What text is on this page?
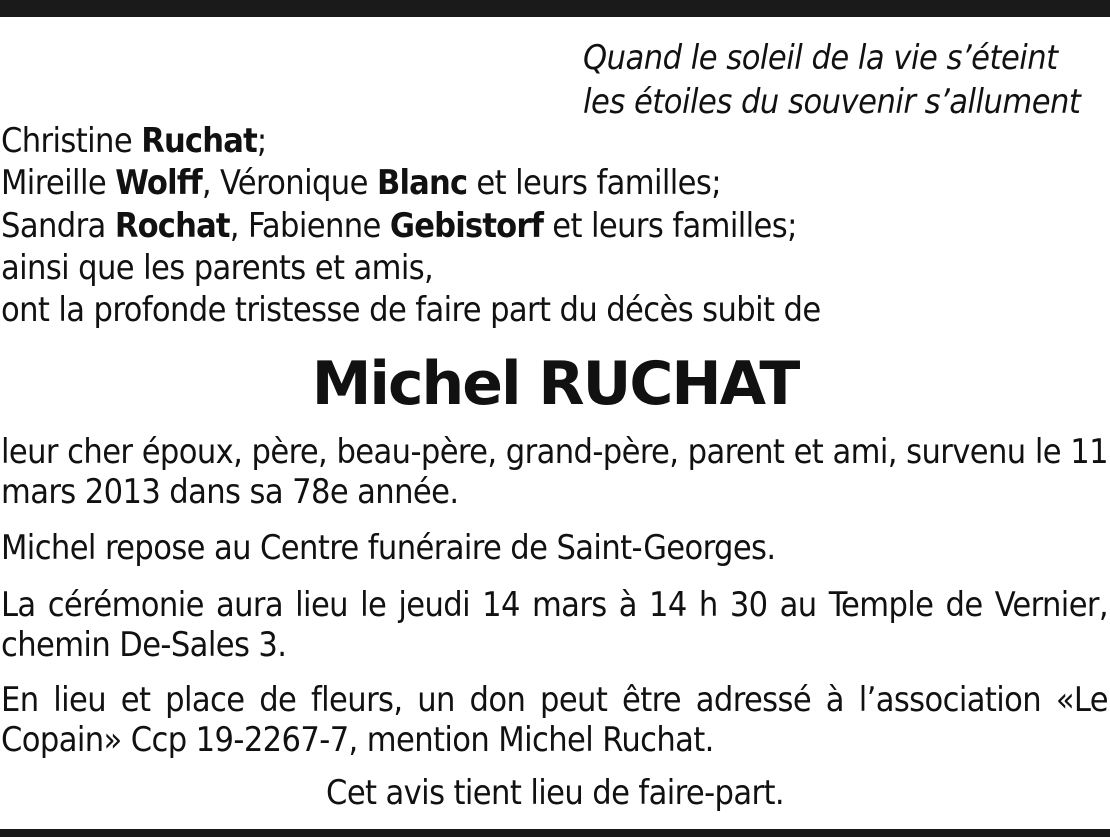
Quand le soleil de la vie s’éteint
les étoiles du souvenir s’allument
Christine Ruchat;
Mireille Wolff, Véronique Blanc et leurs familles;
Sandra Rochat, Fabienne Gebistorf et leurs familles;
ainsi que les parents et amis,
ont la profonde tristesse de faire part du décès subit de
Michel RUCHAT
leur cher époux, père, beau-père, grand-père, parent et ami, survenu le 11 mars 2013 dans sa 78e année.
Michel repose au Centre funéraire de Saint-Georges.
La cérémonie aura lieu le jeudi 14 mars à 14 h 30 au Temple de Vernier, chemin De-Sales 3.
En lieu et place de fleurs, un don peut être adressé à l’association «Le Copain» Ccp 19-2267-7, mention Michel Ruchat.
Cet avis tient lieu de faire-part.
